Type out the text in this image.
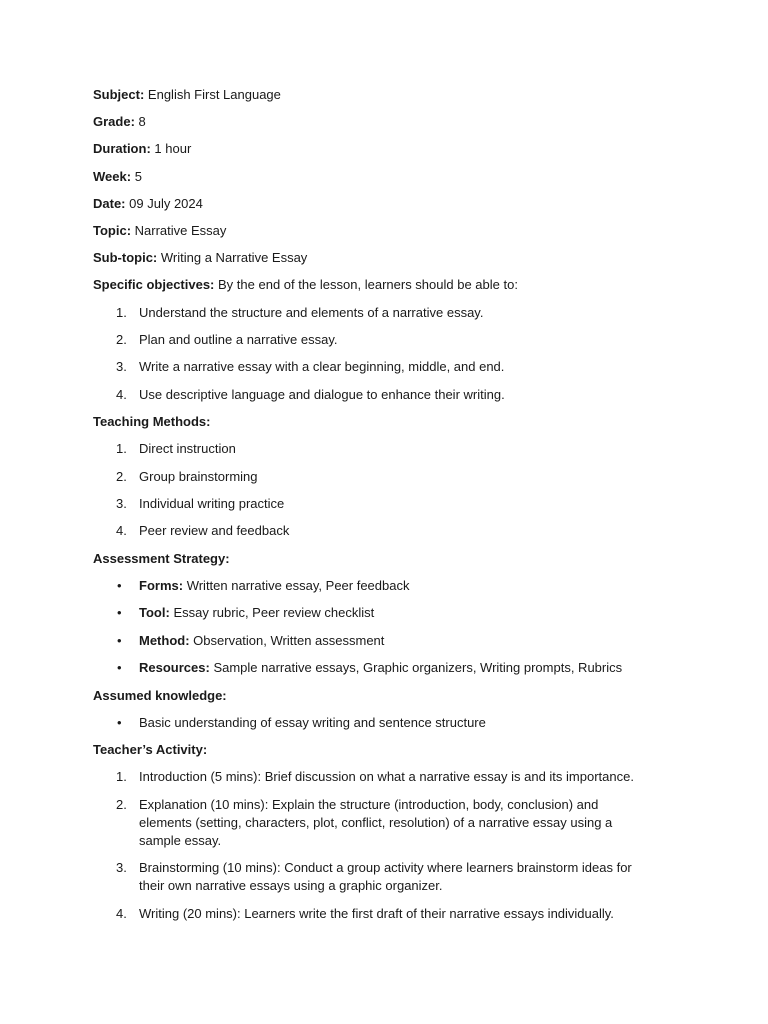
Subject: English First Language
Grade: 8
Duration: 1 hour
Week: 5
Date: 09 July 2024
Topic: Narrative Essay
Sub-topic: Writing a Narrative Essay
Specific objectives: By the end of the lesson, learners should be able to:
1. Understand the structure and elements of a narrative essay.
2. Plan and outline a narrative essay.
3. Write a narrative essay with a clear beginning, middle, and end.
4. Use descriptive language and dialogue to enhance their writing.
Teaching Methods:
1. Direct instruction
2. Group brainstorming
3. Individual writing practice
4. Peer review and feedback
Assessment Strategy:
• Forms: Written narrative essay, Peer feedback
• Tool: Essay rubric, Peer review checklist
• Method: Observation, Written assessment
• Resources: Sample narrative essays, Graphic organizers, Writing prompts, Rubrics
Assumed knowledge:
• Basic understanding of essay writing and sentence structure
Teacher’s Activity:
1. Introduction (5 mins): Brief discussion on what a narrative essay is and its importance.
2. Explanation (10 mins): Explain the structure (introduction, body, conclusion) and
elements (setting, characters, plot, conflict, resolution) of a narrative essay using a
sample essay.
3. Brainstorming (10 mins): Conduct a group activity where learners brainstorm ideas for
their own narrative essays using a graphic organizer.
4. Writing (20 mins): Learners write the first draft of their narrative essays individually.
